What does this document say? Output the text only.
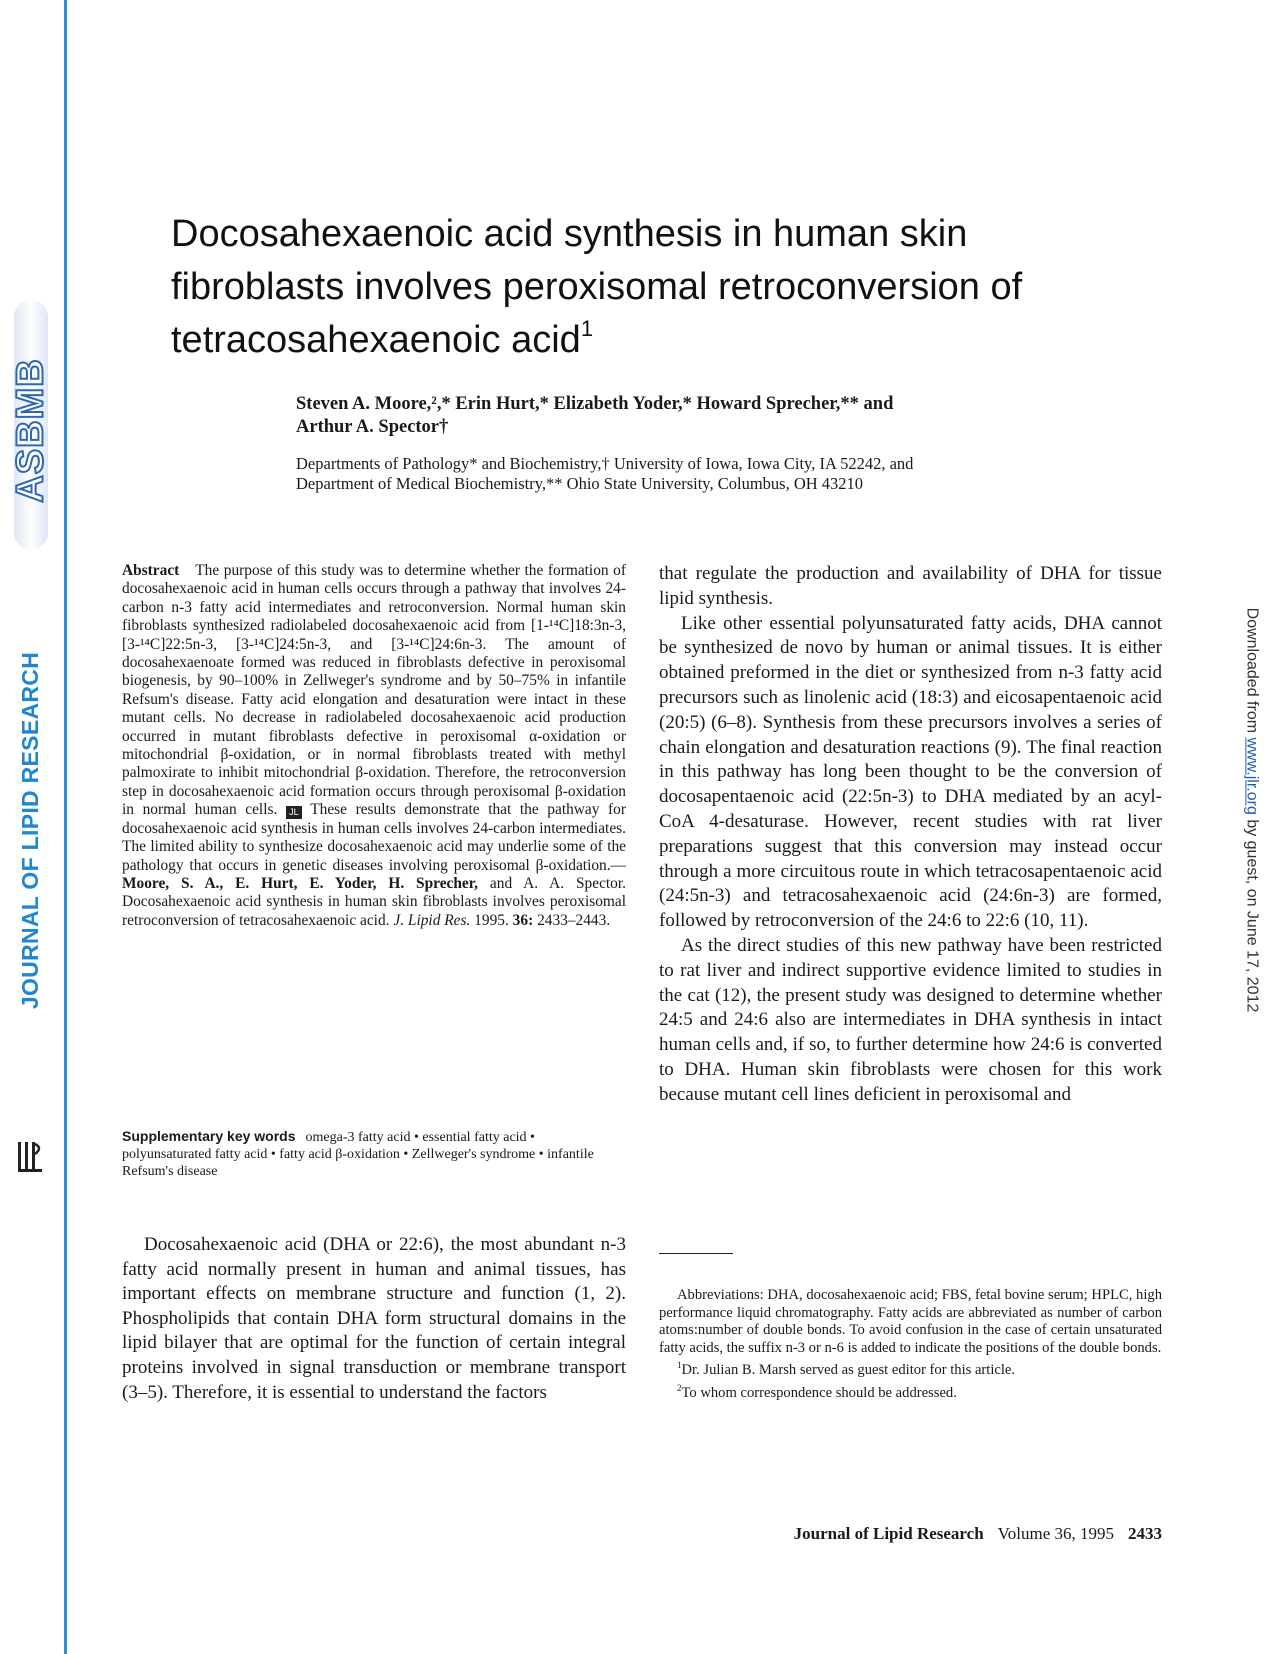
ASBMB
JOURNAL OF LIPID RESEARCH	Downloaded from www.jlr.org by guest, on June 17, 2012
Docosahexaenoic acid synthesis in human skin fibroblasts involves peroxisomal retroconversion of tetracosahexaenoic acid$^1$
Steven A. Moore,²,* Erin Hurt,* Elizabeth Yoder,* Howard Sprecher,** and
Arthur A. Spector†
Departments of Pathology* and Biochemistry,† University of Iowa, Iowa City, IA 52242, and
Department of Medical Biochemistry,** Ohio State University, Columbus, OH 43210

Abstract The purpose of this study was to determine whether the formation of docosahexaenoic acid in human cells occurs through a pathway that involves 24-carbon n-3 fatty acid intermediates and retroconversion. Normal human skin fibroblasts synthesized radiolabeled docosahexaenoic acid from [1-¹⁴C]18:3n-3, [3-¹⁴C]22:5n-3, [3-¹⁴C]24:5n-3, and [3-¹⁴C]24:6n-3. The amount of docosahexaenoate formed was reduced in fibroblasts defective in peroxisomal biogenesis, by 90–100% in Zellweger's syndrome and by 50–75% in infantile Refsum's disease. Fatty acid elongation and desaturation were intact in these mutant cells. No decrease in radiolabeled docosahexaenoic acid production occurred in mutant fibroblasts defective in peroxisomal α-oxidation or mitochondrial β-oxidation, or in normal fibroblasts treated with methyl palmoxirate to inhibit mitochondrial β-oxidation. Therefore, the retroconversion step in docosahexaenoic acid formation occurs through peroxisomal β-oxidation in normal human cells. JL These results demonstrate that the pathway for docosahexaenoic acid synthesis in human cells involves 24-carbon intermediates. The limited ability to synthesize docosahexaenoic acid may underlie some of the pathology that occurs in genetic diseases involving peroxisomal β-oxidation.—Moore, S. A., E. Hurt, E. Yoder, H. Sprecher, and A. A. Spector. Docosahexaenoic acid synthesis in human skin fibroblasts involves peroxisomal retroconversion of tetracosahexaenoic acid. J. Lipid Res. 1995. 36: 2433–2443.

Supplementary key words omega-3 fatty acid • essential fatty acid • polyunsaturated fatty acid • fatty acid β-oxidation • Zellweger's syndrome • infantile Refsum's disease

Docosahexaenoic acid (DHA or 22:6), the most abundant n-3 fatty acid normally present in human and animal tissues, has important effects on membrane structure and function (1, 2). Phospholipids that contain DHA form structural domains in the lipid bilayer that are optimal for the function of certain integral proteins involved in signal transduction or membrane transport (3–5). Therefore, it is essential to understand the factors

that regulate the production and availability of DHA for tissue lipid synthesis.

Like other essential polyunsaturated fatty acids, DHA cannot be synthesized de novo by human or animal tissues. It is either obtained preformed in the diet or synthesized from n-3 fatty acid precursors such as linolenic acid (18:3) and eicosapentaenoic acid (20:5) (6–8). Synthesis from these precursors involves a series of chain elongation and desaturation reactions (9). The final reaction in this pathway has long been thought to be the conversion of docosapentaenoic acid (22:5n-3) to DHA mediated by an acyl-CoA 4-desaturase. However, recent studies with rat liver preparations suggest that this conversion may instead occur through a more circuitous route in which tetracosapentaenoic acid (24:5n-3) and tetracosahexaenoic acid (24:6n-3) are formed, followed by retroconversion of the 24:6 to 22:6 (10, 11).

As the direct studies of this new pathway have been restricted to rat liver and indirect supportive evidence limited to studies in the cat (12), the present study was designed to determine whether 24:5 and 24:6 also are intermediates in DHA synthesis in intact human cells and, if so, to further determine how 24:6 is converted to DHA. Human skin fibroblasts were chosen for this work because mutant cell lines deficient in peroxisomal and

Abbreviations: DHA, docosahexaenoic acid; FBS, fetal bovine serum; HPLC, high performance liquid chromatography. Fatty acids are abbreviated as number of carbon atoms:number of double bonds. To avoid confusion in the case of certain unsaturated fatty acids, the suffix n-3 or n-6 is added to indicate the positions of the double bonds.

$^1$Dr. Julian B. Marsh served as guest editor for this article.

$^2$To whom correspondence should be addressed.

Journal of Lipid Research Volume 36, 1995 2433
